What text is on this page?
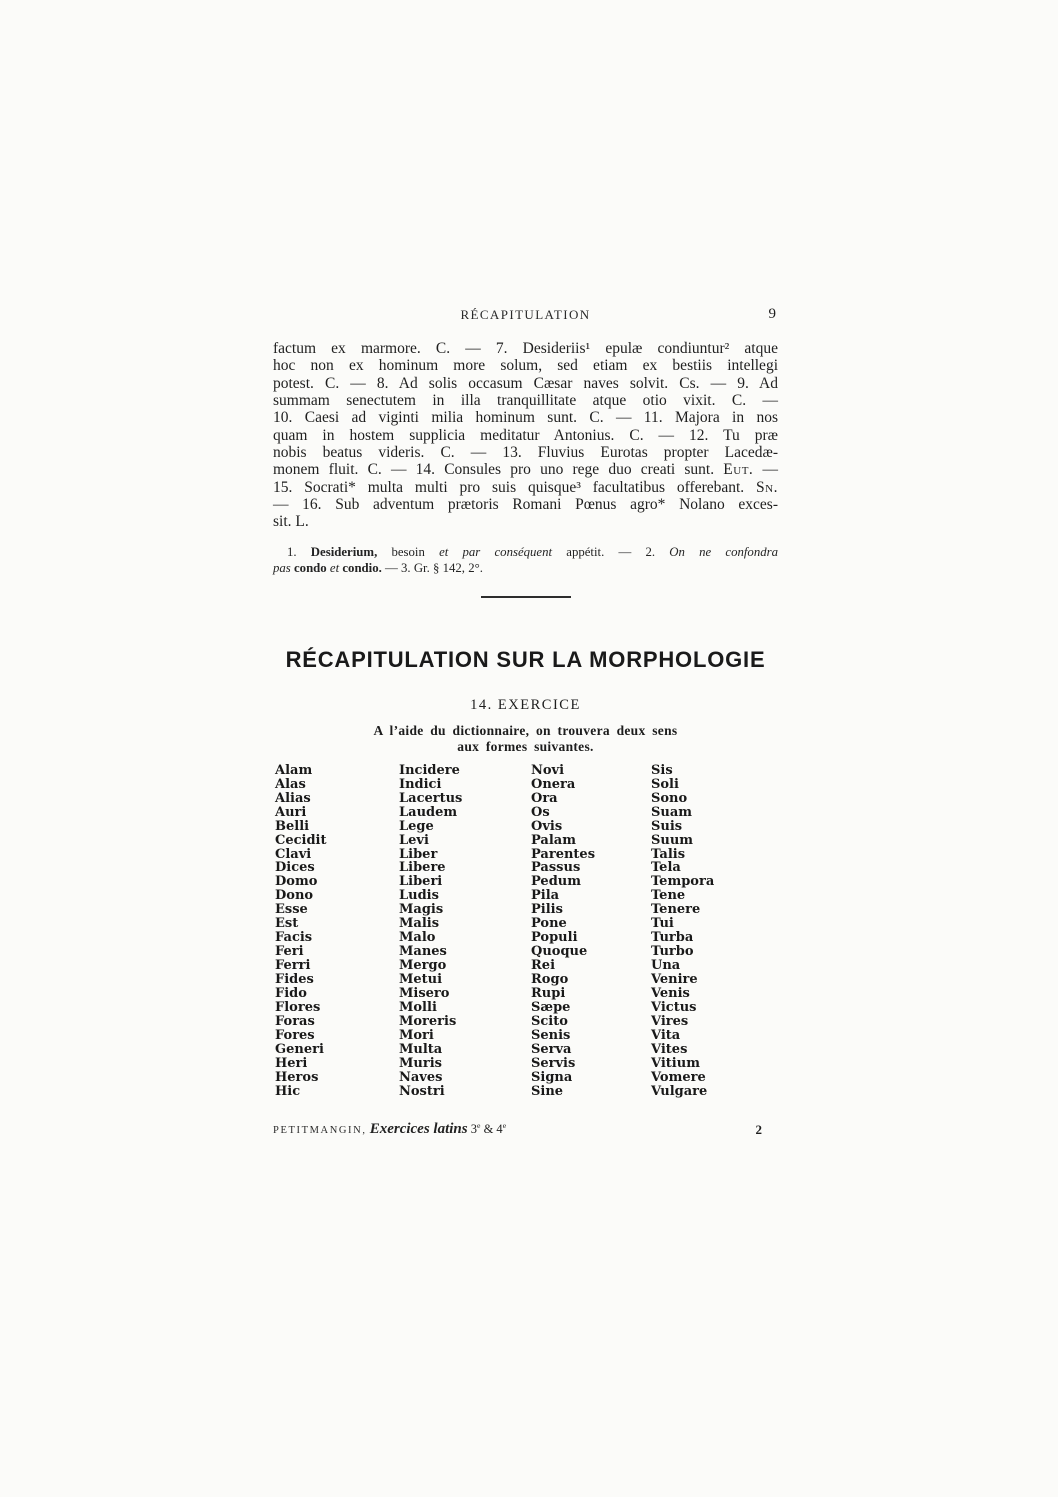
RÉCAPITULATION	9
factum ex marmore. C. — 7. Desideriis¹ epulæ condiuntur² atque
hoc non ex hominum more solum, sed etiam ex bestiis intellegi
potest. C. — 8. Ad solis occasum Cæsar naves solvit. Cs. — 9. Ad
summam senectutem in illa tranquillitate atque otio vixit. C. —
10. Caesi ad viginti milia hominum sunt. C. — 11. Majora in nos
quam in hostem supplicia meditatur Antonius. C. — 12. Tu præ
nobis beatus videris. C. — 13. Fluvius Eurotas propter Lacedæ-
monem fluit. C. — 14. Consules pro uno rege duo creati sunt. Eut. —
15. Socrati* multa multi pro suis quisque³ facultatibus offerebant. Sn.
— 16. Sub adventum prætoris Romani Pœnus agro* Nolano exces-
sit. L.
1. Desiderium, besoin et par conséquent appétit. — 2. On ne confondra
pas condo et condio. — 3. Gr. § 142, 2°.
RÉCAPITULATION SUR LA MORPHOLOGIE
14. EXERCICE
A l’aide du dictionnaire, on trouvera deux sens
aux formes suivantes.
Alam
Alas
Alias
Auri
Belli
Cecidit
Clavi
Dices
Domo
Dono
Esse
Est
Facis
Feri
Ferri
Fides
Fido
Flores
Foras
Fores
Generi
Heri
Heros
Hic
Incidere
Indici
Lacertus
Laudem
Lege
Levi
Liber
Libere
Liberi
Ludis
Magis
Malis
Malo
Manes
Mergo
Metui
Misero
Molli
Moreris
Mori
Multa
Muris
Naves
Nostri
Novi
Onera
Ora
Os
Ovis
Palam
Parentes
Passus
Pedum
Pila
Pilis
Pone
Populi
Quoque
Rei
Rogo
Rupi
Sæpe
Scito
Senis
Serva
Servis
Signa
Sine
Sis
Soli
Sono
Suam
Suis
Suum
Talis
Tela
Tempora
Tene
Tenere
Tui
Turba
Turbo
Una
Venire
Venis
Victus
Vires
Vita
Vites
Vitium
Vomere
Vulgare
PETITMANGIN, Exercices latins 3e & 4e	2
